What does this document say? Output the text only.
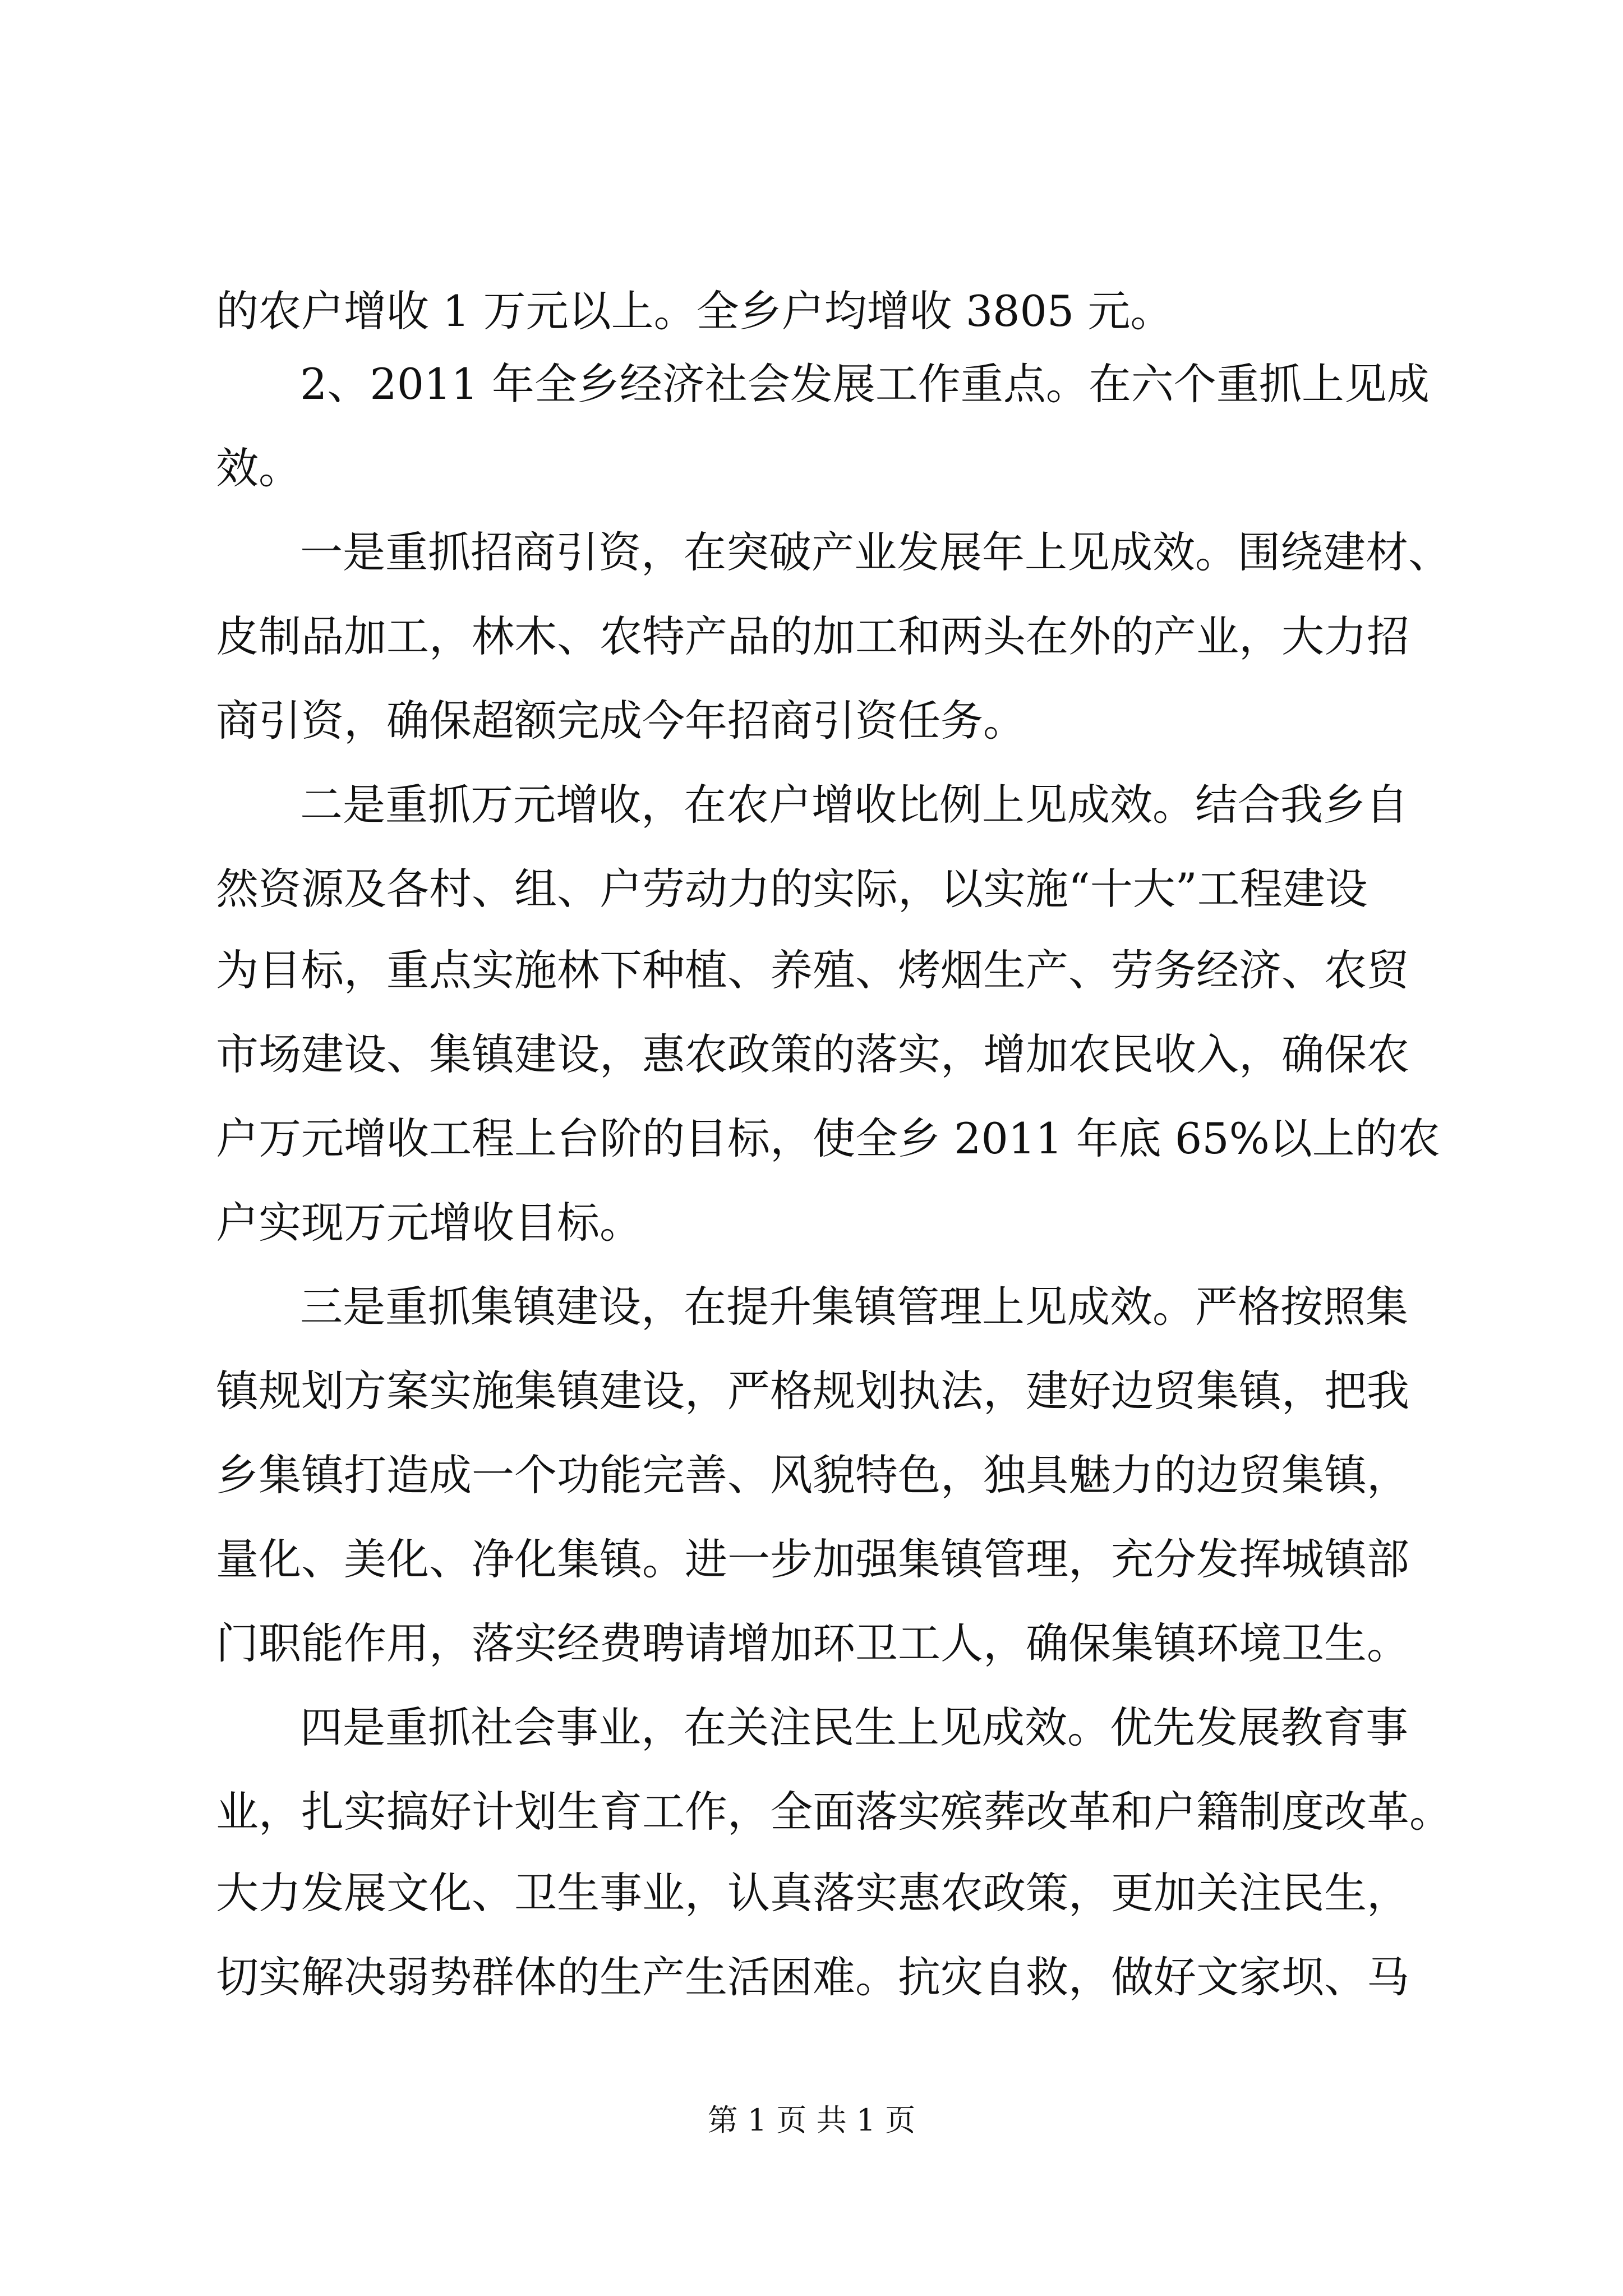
的农户增收 1 万元以上。全乡户均增收 3805 元。
2、2011 年全乡经济社会发展工作重点。在六个重抓上见成
效。
一是重抓招商引资，在突破产业发展年上见成效。围绕建材、
皮制品加工，林木、农特产品的加工和两头在外的产业，大力招
商引资，确保超额完成今年招商引资任务。
二是重抓万元增收，在农户增收比例上见成效。结合我乡自
然资源及各村、组、户劳动力的实际，以实施“十大”工程建设
为目标，重点实施林下种植、养殖、烤烟生产、劳务经济、农贸
市场建设、集镇建设，惠农政策的落实，增加农民收入，确保农
户万元增收工程上台阶的目标，使全乡 2011 年底 65%以上的农
户实现万元增收目标。
三是重抓集镇建设，在提升集镇管理上见成效。严格按照集
镇规划方案实施集镇建设，严格规划执法，建好边贸集镇，把我
乡集镇打造成一个功能完善、风貌特色，独具魅力的边贸集镇，
量化、美化、净化集镇。进一步加强集镇管理，充分发挥城镇部
门职能作用，落实经费聘请增加环卫工人，确保集镇环境卫生。
四是重抓社会事业，在关注民生上见成效。优先发展教育事
业，扎实搞好计划生育工作，全面落实殡葬改革和户籍制度改革。
大力发展文化、卫生事业，认真落实惠农政策，更加关注民生，
切实解决弱势群体的生产生活困难。抗灾自救，做好文家坝、马
第 1 页 共 1 页
